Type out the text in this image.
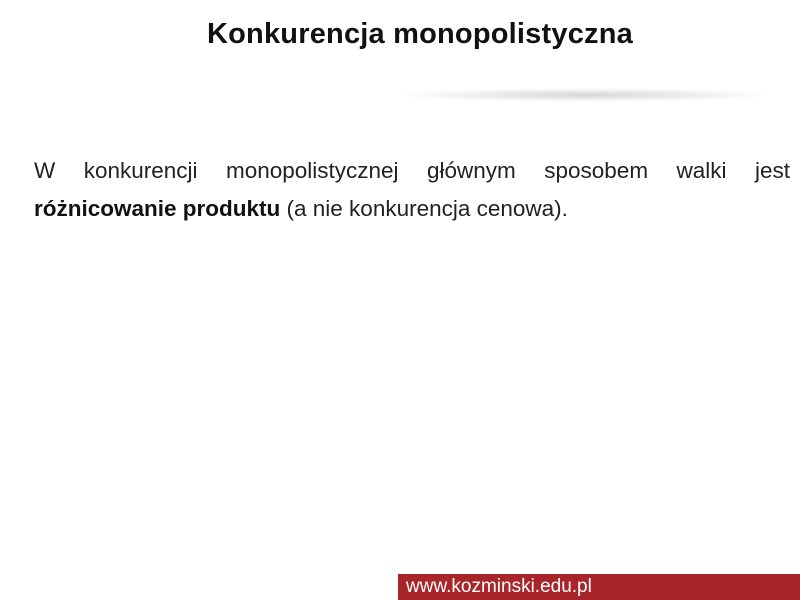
Konkurencja monopolistyczna

W konkurencji monopolistycznej głównym sposobem walki jest różnicowanie produktu (a nie konkurencja cenowa).

www.kozminski.edu.pl
